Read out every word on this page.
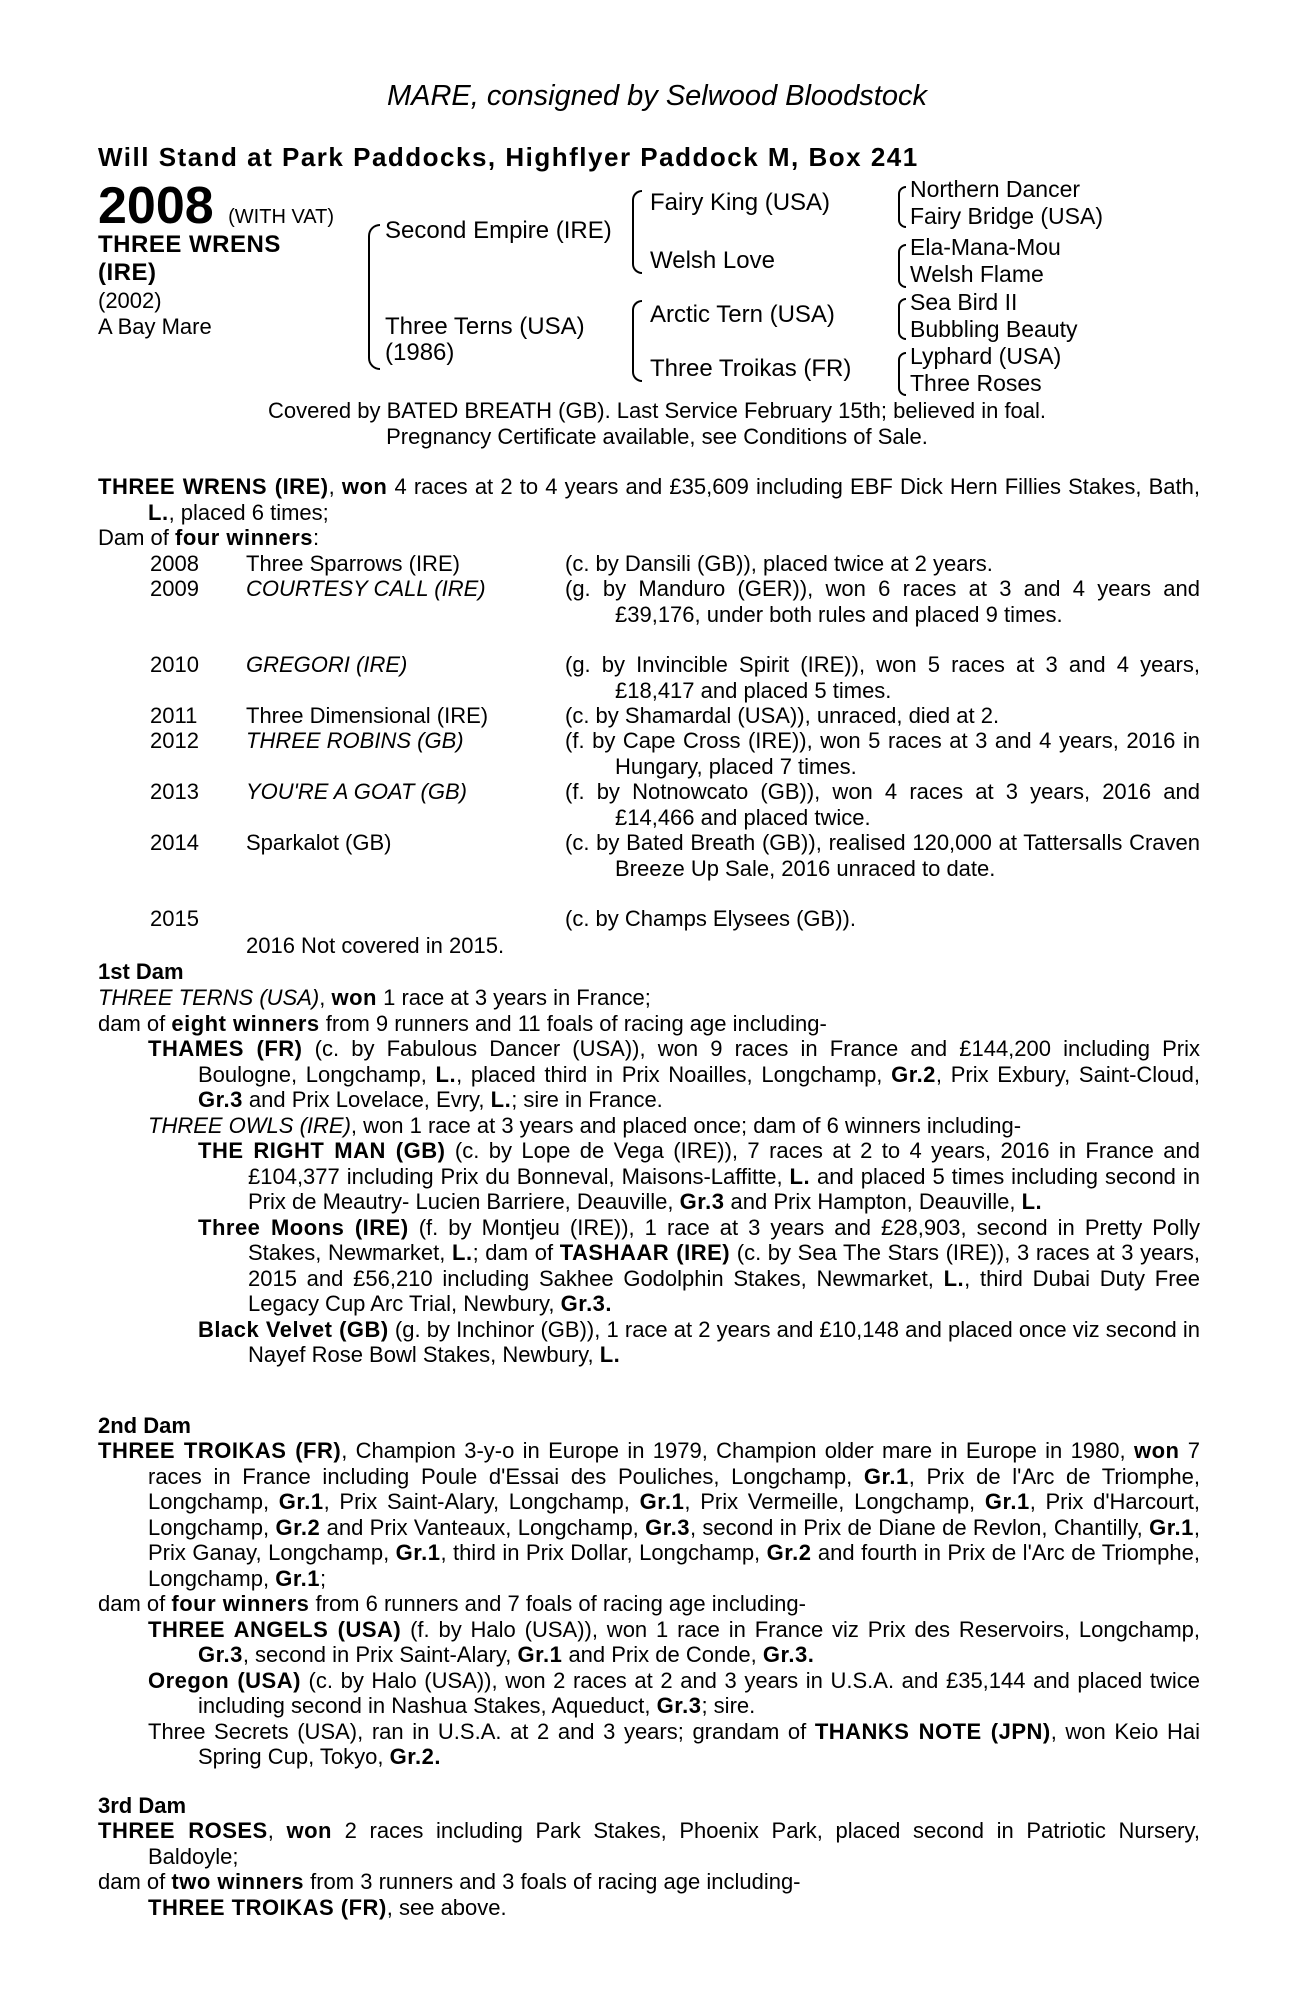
MARE, consigned by Selwood Bloodstock
Will Stand at Park Paddocks, Highflyer Paddock M, Box 241
2008 (WITH VAT)
THREE WRENS
(IRE)
(2002)
A Bay Mare
Second Empire (IRE)
Three Terns (USA)
(1986)
Fairy King (USA)
Welsh Love
Arctic Tern (USA)
Three Troikas (FR)
Northern Dancer
Fairy Bridge (USA)
Ela-Mana-Mou
Welsh Flame
Sea Bird II
Bubbling Beauty
Lyphard (USA)
Three Roses
Covered by BATED BREATH (GB). Last Service February 15th; believed in foal.
Pregnancy Certificate available, see Conditions of Sale.

THREE WRENS (IRE), won 4 races at 2 to 4 years and £35,609 including EBF Dick Hern Fillies Stakes, Bath, L., placed 6 times;

Dam of four winners:

2008 Three Sparrows (IRE)	(c. by Dansili (GB)), placed twice at 2 years.
2009 COURTESY CALL (IRE)	(g. by Manduro (GER)), won 6 races at 3 and 4 years and £39,176, under both rules and placed 9 times.
2010 GREGORI (IRE)	(g. by Invincible Spirit (IRE)), won 5 races at 3 and 4 years, £18,417 and placed 5 times.
2011 Three Dimensional (IRE)	(c. by Shamardal (USA)), unraced, died at 2.
2012 THREE ROBINS (GB)	(f. by Cape Cross (IRE)), won 5 races at 3 and 4 years, 2016 in Hungary, placed 7 times.
2013 YOU'RE A GOAT (GB)	(f. by Notnowcato (GB)), won 4 races at 3 years, 2016 and £14,466 and placed twice.
2014 Sparkalot (GB)	(c. by Bated Breath (GB)), realised 120,000 at Tattersalls Craven Breeze Up Sale, 2016 unraced to date.
2015	(c. by Champs Elysees (GB)).
2016 Not covered in 2015.
1st Dam

THREE TERNS (USA), won 1 race at 3 years in France;

dam of eight winners from 9 runners and 11 foals of racing age including-

THAMES (FR) (c. by Fabulous Dancer (USA)), won 9 races in France and £144,200 including Prix Boulogne, Longchamp, L., placed third in Prix Noailles, Longchamp, Gr.2, Prix Exbury, Saint-Cloud, Gr.3 and Prix Lovelace, Evry, L.; sire in France.

THREE OWLS (IRE), won 1 race at 3 years and placed once; dam of 6 winners including-

THE RIGHT MAN (GB) (c. by Lope de Vega (IRE)), 7 races at 2 to 4 years, 2016 in France and £104,377 including Prix du Bonneval, Maisons-Laffitte, L. and placed 5 times including second in Prix de Meautry- Lucien Barriere, Deauville, Gr.3 and Prix Hampton, Deauville, L.

Three Moons (IRE) (f. by Montjeu (IRE)), 1 race at 3 years and £28,903, second in Pretty Polly Stakes, Newmarket, L.; dam of TASHAAR (IRE) (c. by Sea The Stars (IRE)), 3 races at 3 years, 2015 and £56,210 including Sakhee Godolphin Stakes, Newmarket, L., third Dubai Duty Free Legacy Cup Arc Trial, Newbury, Gr.3.

Black Velvet (GB) (g. by Inchinor (GB)), 1 race at 2 years and £10,148 and placed once viz second in Nayef Rose Bowl Stakes, Newbury, L.

2nd Dam

THREE TROIKAS (FR), Champion 3-y-o in Europe in 1979, Champion older mare in Europe in 1980, won 7 races in France including Poule d'Essai des Pouliches, Longchamp, Gr.1, Prix de l'Arc de Triomphe, Longchamp, Gr.1, Prix Saint-Alary, Longchamp, Gr.1, Prix Vermeille, Longchamp, Gr.1, Prix d'Harcourt, Longchamp, Gr.2 and Prix Vanteaux, Longchamp, Gr.3, second in Prix de Diane de Revlon, Chantilly, Gr.1, Prix Ganay, Longchamp, Gr.1, third in Prix Dollar, Longchamp, Gr.2 and fourth in Prix de l'Arc de Triomphe, Longchamp, Gr.1;

dam of four winners from 6 runners and 7 foals of racing age including-

THREE ANGELS (USA) (f. by Halo (USA)), won 1 race in France viz Prix des Reservoirs, Longchamp, Gr.3, second in Prix Saint-Alary, Gr.1 and Prix de Conde, Gr.3.

Oregon (USA) (c. by Halo (USA)), won 2 races at 2 and 3 years in U.S.A. and £35,144 and placed twice including second in Nashua Stakes, Aqueduct, Gr.3; sire.

Three Secrets (USA), ran in U.S.A. at 2 and 3 years; grandam of THANKS NOTE (JPN), won Keio Hai Spring Cup, Tokyo, Gr.2.

3rd Dam

THREE ROSES, won 2 races including Park Stakes, Phoenix Park, placed second in Patriotic Nursery, Baldoyle;

dam of two winners from 3 runners and 3 foals of racing age including-

THREE TROIKAS (FR), see above.
